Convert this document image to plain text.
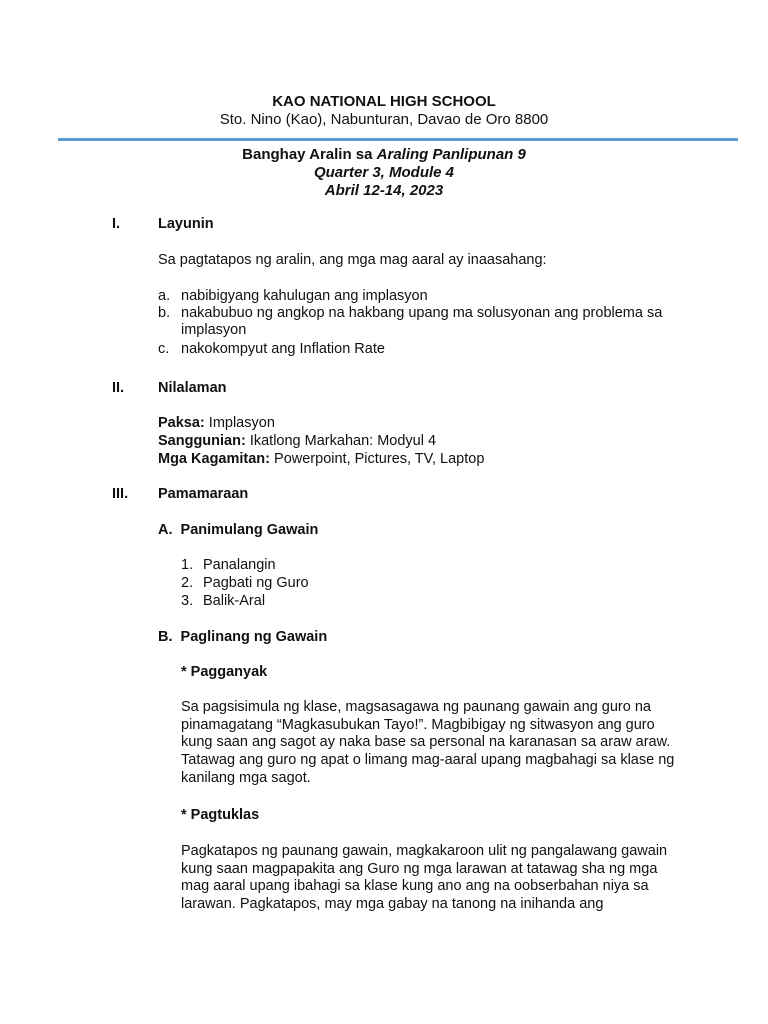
KAO NATIONAL HIGH SCHOOL
Sto. Nino (Kao), Nabunturan, Davao de Oro 8800
Banghay Aralin sa Araling Panlipunan 9
Quarter 3, Module 4
Abril 12-14, 2023
I.	Layunin
Sa pagtatapos ng aralin, ang mga mag aaral ay inaasahang:
a. nabibigyang kahulugan ang implasyon
b. nakabubuo ng angkop na hakbang upang ma solusyonan ang problema sa implasyon
c. nakokompyut ang Inflation Rate
II. Nilalaman
Paksa: Implasyon
Sanggunian: Ikatlong Markahan: Modyul 4
Mga Kagamitan: Powerpoint, Pictures, TV, Laptop
III. Pamamaraan
A.  Panimulang Gawain
1. Panalangin
2. Pagbati ng Guro
3. Balik-Aral
B.  Paglinang ng Gawain
* Pagganyak
Sa pagsisimula ng klase, magsasagawa ng paunang gawain ang guro na pinamagatang “Magkasubukan Tayo!”. Magbibigay ng sitwasyon ang guro kung saan ang sagot ay naka base sa personal na karanasan sa araw araw. Tatawag ang guro ng apat o limang mag-aaral upang magbahagi sa klase ng kanilang mga sagot.
* Pagtuklas
Pagkatapos ng paunang gawain, magkakaroon ulit ng pangalawang gawain kung saan magpapakita ang Guro ng mga larawan at tatawag sha ng mga mag aaral upang ibahagi sa klase kung ano ang na oobserbahan niya sa larawan. Pagkatapos, may mga gabay na tanong na inihanda ang
